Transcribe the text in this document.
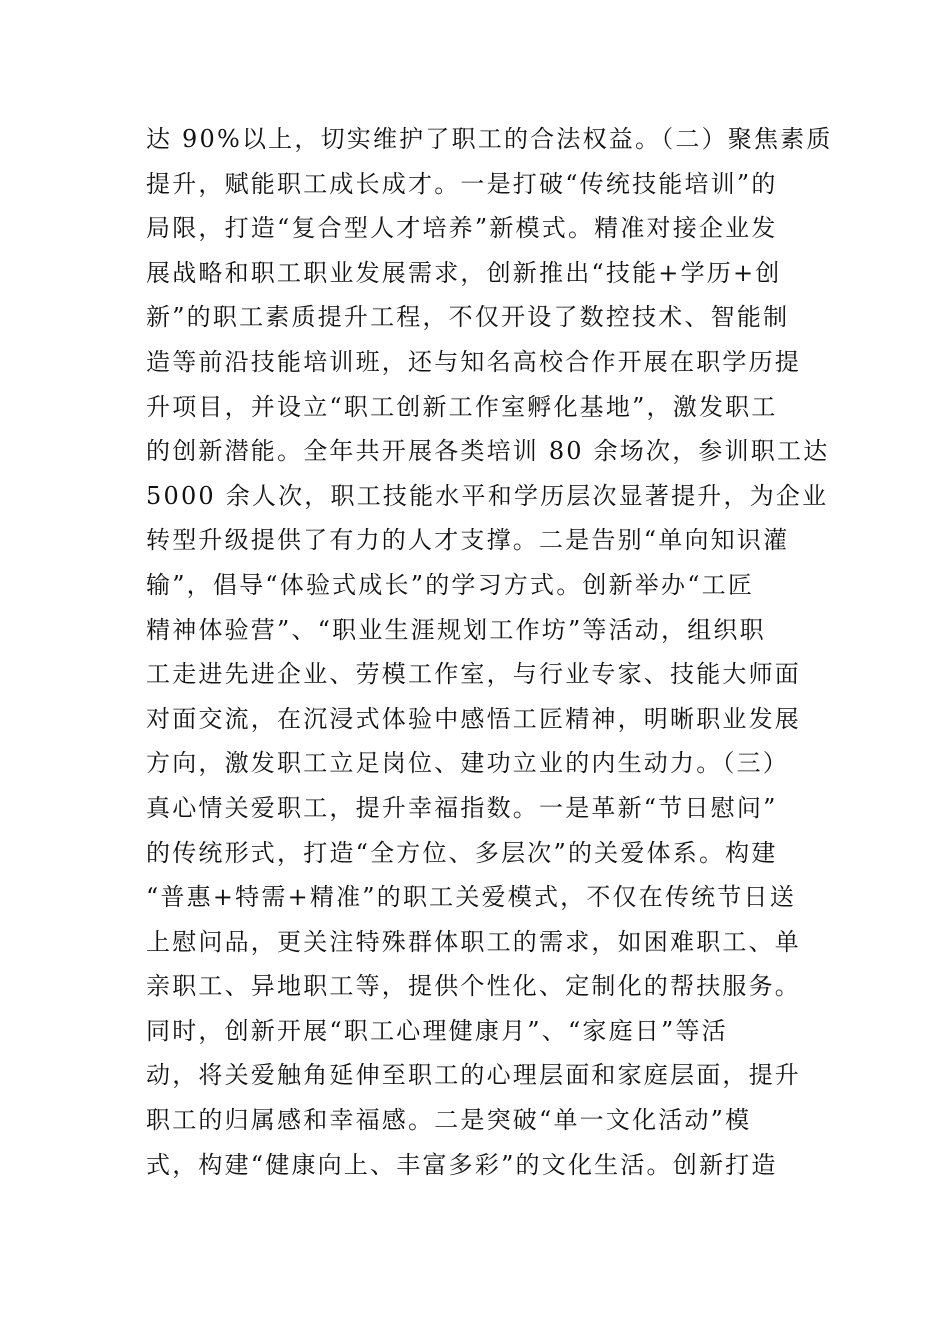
达 90%以上，切实维护了职工的合法权益。（二）聚焦素质
提升，赋能职工成长成才。一是打破“传统技能培训”的
局限，打造“复合型人才培养”新模式。精准对接企业发
展战略和职工职业发展需求，创新推出“技能+学历+创
新”的职工素质提升工程，不仅开设了数控技术、智能制
造等前沿技能培训班，还与知名高校合作开展在职学历提
升项目，并设立“职工创新工作室孵化基地”，激发职工
的创新潜能。全年共开展各类培训 80 余场次，参训职工达
5000 余人次，职工技能水平和学历层次显著提升，为企业
转型升级提供了有力的人才支撑。二是告别“单向知识灌
输”，倡导“体验式成长”的学习方式。创新举办“工匠
精神体验营”、“职业生涯规划工作坊”等活动，组织职
工走进先进企业、劳模工作室，与行业专家、技能大师面
对面交流，在沉浸式体验中感悟工匠精神，明晰职业发展
方向，激发职工立足岗位、建功立业的内生动力。（三）
真心情关爱职工，提升幸福指数。一是革新“节日慰问”
的传统形式，打造“全方位、多层次”的关爱体系。构建
“普惠+特需+精准”的职工关爱模式，不仅在传统节日送
上慰问品，更关注特殊群体职工的需求，如困难职工、单
亲职工、异地职工等，提供个性化、定制化的帮扶服务。
同时，创新开展“职工心理健康月”、“家庭日”等活
动，将关爱触角延伸至职工的心理层面和家庭层面，提升
职工的归属感和幸福感。二是突破“单一文化活动”模
式，构建“健康向上、丰富多彩”的文化生活。创新打造
